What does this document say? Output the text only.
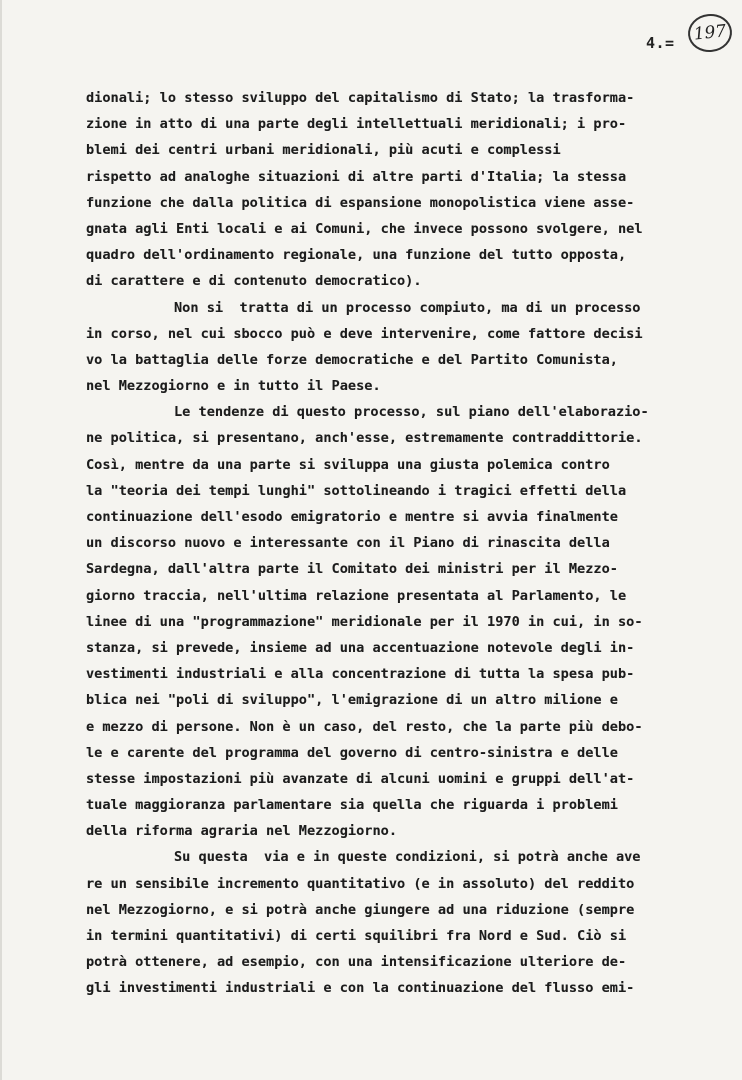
4.=	197
dionali; lo stesso sviluppo del capitalismo di Stato; la trasforma-
zione in atto di una parte degli intellettuali meridionali; i pro-
blemi dei centri urbani meridionali, più acuti e complessi
rispetto ad analoghe situazioni di altre parti d'Italia; la stessa
funzione che dalla politica di espansione monopolistica viene asse-
gnata agli Enti locali e ai Comuni, che invece possono svolgere, nel
quadro dell'ordinamento regionale, una funzione del tutto opposta,
di carattere e di contenuto democratico).
Non si  tratta di un processo compiuto, ma di un processo
in corso, nel cui sbocco può e deve intervenire, come fattore decisi
vo la battaglia delle forze democratiche e del Partito Comunista,
nel Mezzogiorno e in tutto il Paese.
Le tendenze di questo processo, sul piano dell'elaborazio-
ne politica, si presentano, anch'esse, estremamente contraddittorie.
Così, mentre da una parte si sviluppa una giusta polemica contro
la "teoria dei tempi lunghi" sottolineando i tragici effetti della
continuazione dell'esodo emigratorio e mentre si avvia finalmente
un discorso nuovo e interessante con il Piano di rinascita della
Sardegna, dall'altra parte il Comitato dei ministri per il Mezzo-
giorno traccia, nell'ultima relazione presentata al Parlamento, le
linee di una "programmazione" meridionale per il 1970 in cui, in so-
stanza, si prevede, insieme ad una accentuazione notevole degli in-
vestimenti industriali e alla concentrazione di tutta la spesa pub-
blica nei "poli di sviluppo", l'emigrazione di un altro milione e
e mezzo di persone. Non è un caso, del resto, che la parte più debo-
le e carente del programma del governo di centro-sinistra e delle
stesse impostazioni più avanzate di alcuni uomini e gruppi dell'at-
tuale maggioranza parlamentare sia quella che riguarda i problemi
della riforma agraria nel Mezzogiorno.
Su questa  via e in queste condizioni, si potrà anche ave
re un sensibile incremento quantitativo (e in assoluto) del reddito
nel Mezzogiorno, e si potrà anche giungere ad una riduzione (sempre
in termini quantitativi) di certi squilibri fra Nord e Sud. Ciò si
potrà ottenere, ad esempio, con una intensificazione ulteriore de-
gli investimenti industriali e con la continuazione del flusso emi-
